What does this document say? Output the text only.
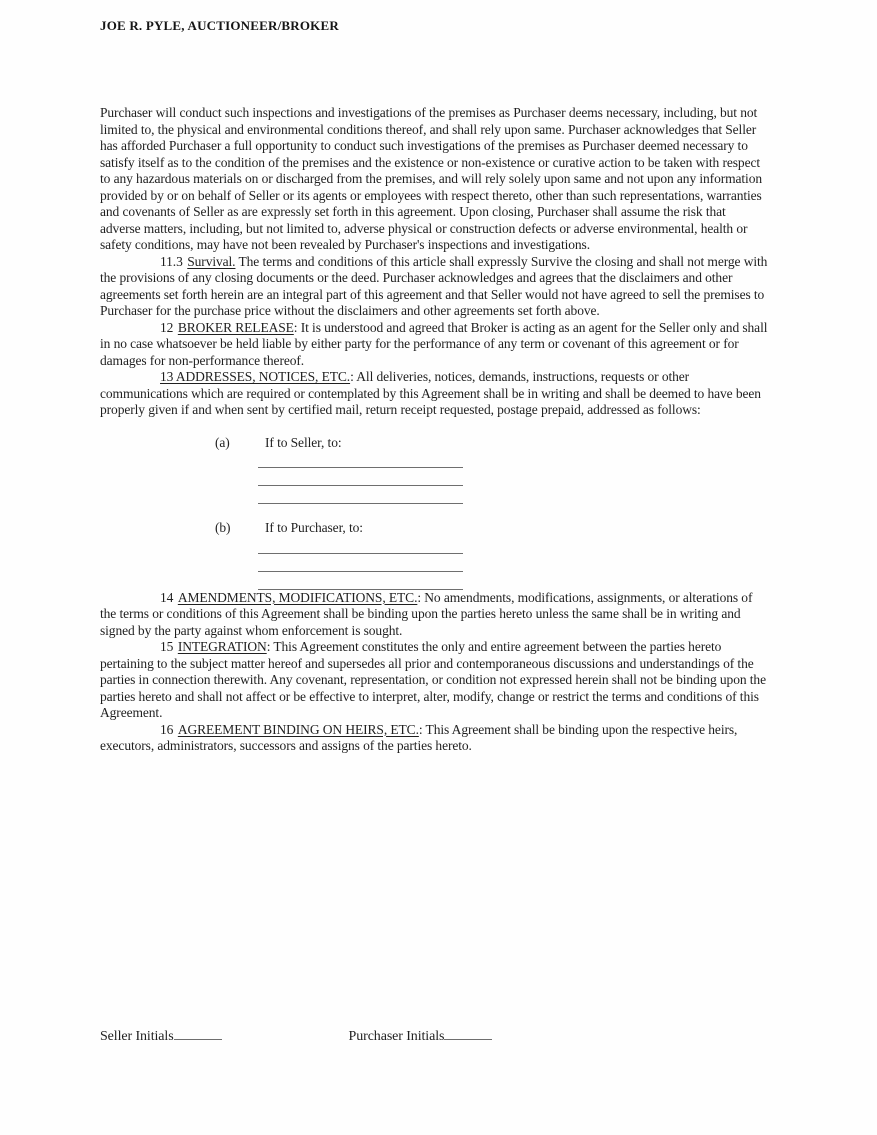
JOE R. PYLE, AUCTIONEER/BROKER

Purchaser will conduct such inspections and investigations of the premises as Purchaser deems necessary, including, but not limited to, the physical and environmental conditions thereof, and shall rely upon same. Purchaser acknowledges that Seller has afforded Purchaser a full opportunity to conduct such investigations of the premises as Purchaser deemed necessary to satisfy itself as to the condition of the premises and the existence or non-existence or curative action to be taken with respect to any hazardous materials on or discharged from the premises, and will rely solely upon same and not upon any information provided by or on behalf of Seller or its agents or employees with respect thereto, other than such representations, warranties and covenants of Seller as are expressly set forth in this agreement. Upon closing, Purchaser shall assume the risk that adverse matters, including, but not limited to, adverse physical or construction defects or adverse environmental, health or safety conditions, may have not been revealed by Purchaser's inspections and investigations.

11.3 Survival. The terms and conditions of this article shall expressly Survive the closing and shall not merge with the provisions of any closing documents or the deed. Purchaser acknowledges and agrees that the disclaimers and other agreements set forth herein are an integral part of this agreement and that Seller would not have agreed to sell the premises to Purchaser for the purchase price without the disclaimers and other agreements set forth above.

12 BROKER RELEASE: It is understood and agreed that Broker is acting as an agent for the Seller only and shall in no case whatsoever be held liable by either party for the performance of any term or covenant of this agreement or for damages for non-performance thereof.

13 ADDRESSES, NOTICES, ETC.: All deliveries, notices, demands, instructions, requests or other communications which are required or contemplated by this Agreement shall be in writing and shall be deemed to have been properly given if and when sent by certified mail, return receipt requested, postage prepaid, addressed as follows:

(a)	If to Seller, to:
(b)	If to Purchaser, to:

14 AMENDMENTS, MODIFICATIONS, ETC.: No amendments, modifications, assignments, or alterations of the terms or conditions of this Agreement shall be binding upon the parties hereto unless the same shall be in writing and signed by the party against whom enforcement is sought.

15 INTEGRATION: This Agreement constitutes the only and entire agreement between the parties hereto pertaining to the subject matter hereof and supersedes all prior and contemporaneous discussions and understandings of the parties in connection therewith. Any covenant, representation, or condition not expressed herein shall not be binding upon the parties hereto and shall not affect or be effective to interpret, alter, modify, change or restrict the terms and conditions of this Agreement.

16 AGREEMENT BINDING ON HEIRS, ETC.: This Agreement shall be binding upon the respective heirs, executors, administrators, successors and assigns of the parties hereto.

Seller Initials	Purchaser Initials
